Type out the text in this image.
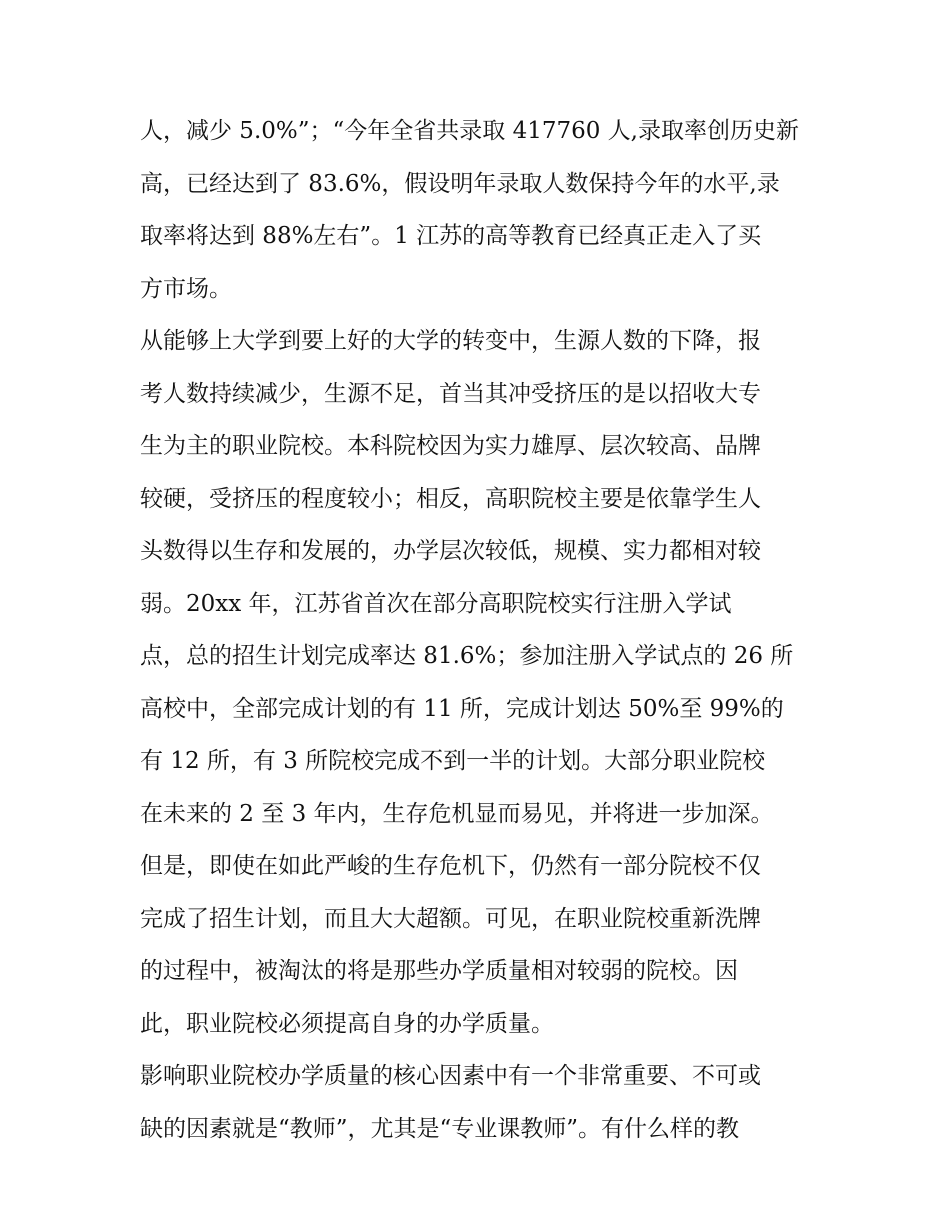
人，减少 5.0%”；“今年全省共录取 417760 人,录取率创历史新
高，已经达到了 83.6%，假设明年录取人数保持今年的水平,录
取率将达到 88%左右”。1 江苏的高等教育已经真正走入了买
方市场。
从能够上大学到要上好的大学的转变中，生源人数的下降，报
考人数持续减少，生源不足，首当其冲受挤压的是以招收大专
生为主的职业院校。本科院校因为实力雄厚、层次较高、品牌
较硬，受挤压的程度较小；相反，高职院校主要是依靠学生人
头数得以生存和发展的，办学层次较低，规模、实力都相对较
弱。20xx 年，江苏省首次在部分高职院校实行注册入学试
点，总的招生计划完成率达 81.6%；参加注册入学试点的 26 所
高校中，全部完成计划的有 11 所，完成计划达 50%至 99%的
有 12 所，有 3 所院校完成不到一半的计划。大部分职业院校
在未来的 2 至 3 年内，生存危机显而易见，并将进一步加深。
但是，即使在如此严峻的生存危机下，仍然有一部分院校不仅
完成了招生计划，而且大大超额。可见，在职业院校重新洗牌
的过程中，被淘汰的将是那些办学质量相对较弱的院校。因
此，职业院校必须提高自身的办学质量。
影响职业院校办学质量的核心因素中有一个非常重要、不可或
缺的因素就是“教师”，尤其是“专业课教师”。有什么样的教
